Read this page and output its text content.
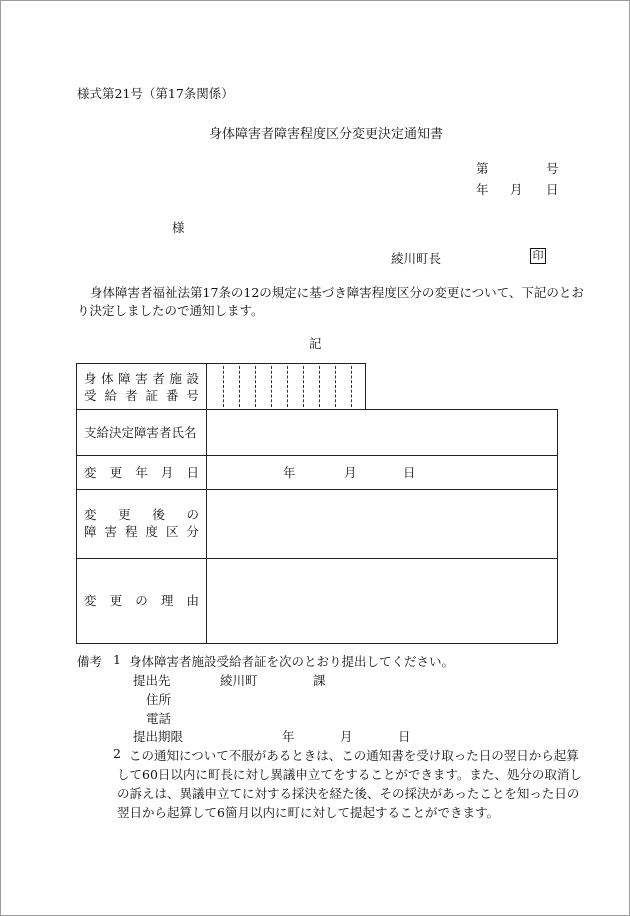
様式第21号（第17条関係）
身体障害者障害程度区分変更決定通知書
第	号
年 月 日
様
綾川町長	印
身体障害者福祉法第17条の12の規定に基づき障害程度区分の変更について、下記のとお
り決定しましたので通知します。
記
身 体 障 害 者 施 設
受 給 者 証 番 号
支給決定障害者氏名
変 更 年 月 日	年	月	日
変 更 後 の
障 害 程 度 区 分
変 更 の 理 由
備考 1 身体障害者施設受給者証を次のとおり提出してください。
提出先	綾川町	課
住所
電話
提出期限	年	月	日
2 この通知について不服があるときは、この通知書を受け取った日の翌日から起算
して60日以内に町長に対し異議申立てをすることができます。また、処分の取消し
の訴えは、異議申立てに対する採決を経た後、その採決があったことを知った日の
翌日から起算して6箇月以内に町に対して提起することができます。
